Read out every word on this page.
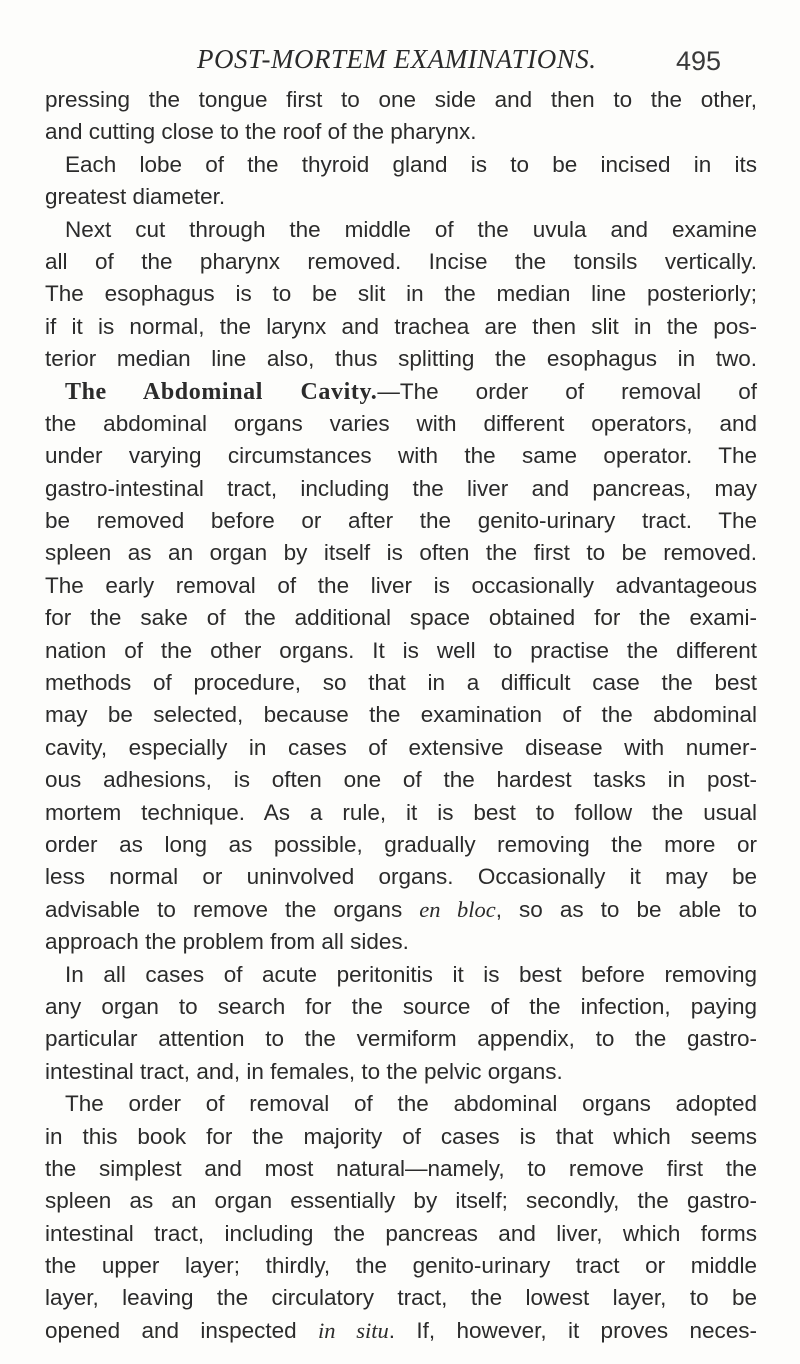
POST-MORTEM EXAMINATIONS.	495
pressing the tongue first to one side and then to the other,
and cutting close to the roof of the pharynx.
Each lobe of the thyroid gland is to be incised in its
greatest diameter.
Next cut through the middle of the uvula and examine
all of the pharynx removed. Incise the tonsils vertically.
The esophagus is to be slit in the median line posteriorly;
if it is normal, the larynx and trachea are then slit in the pos-
terior median line also, thus splitting the esophagus in two.
The Abdominal Cavity.—The order of removal of
the abdominal organs varies with different operators, and
under varying circumstances with the same operator. The
gastro-intestinal tract, including the liver and pancreas, may
be removed before or after the genito-urinary tract. The
spleen as an organ by itself is often the first to be removed.
The early removal of the liver is occasionally advantageous
for the sake of the additional space obtained for the exami-
nation of the other organs. It is well to practise the different
methods of procedure, so that in a difficult case the best
may be selected, because the examination of the abdominal
cavity, especially in cases of extensive disease with numer-
ous adhesions, is often one of the hardest tasks in post-
mortem technique. As a rule, it is best to follow the usual
order as long as possible, gradually removing the more or
less normal or uninvolved organs. Occasionally it may be
advisable to remove the organs en bloc, so as to be able to
approach the problem from all sides.
In all cases of acute peritonitis it is best before removing
any organ to search for the source of the infection, paying
particular attention to the vermiform appendix, to the gastro-
intestinal tract, and, in females, to the pelvic organs.
The order of removal of the abdominal organs adopted
in this book for the majority of cases is that which seems
the simplest and most natural—namely, to remove first the
spleen as an organ essentially by itself; secondly, the gastro-
intestinal tract, including the pancreas and liver, which forms
the upper layer; thirdly, the genito-urinary tract or middle
layer, leaving the circulatory tract, the lowest layer, to be
opened and inspected in situ. If, however, it proves neces-
